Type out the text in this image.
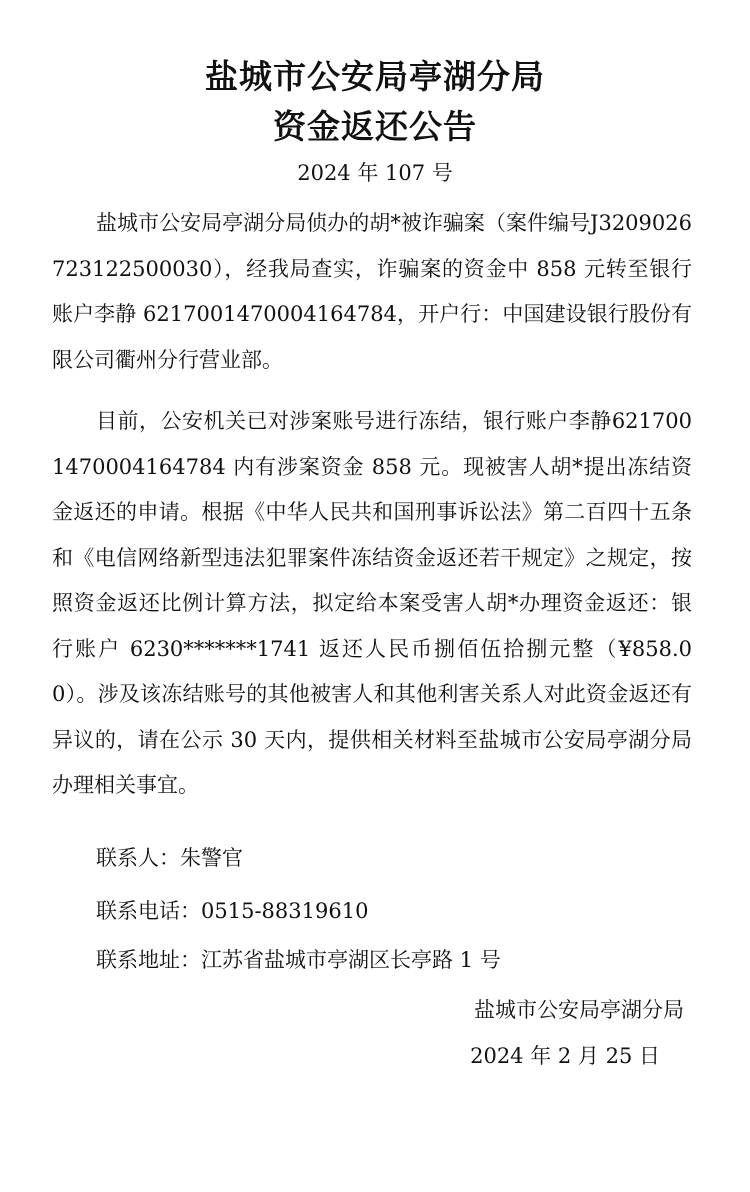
盐城市公安局亭湖分局
资金返还公告
2024 年 107 号

盐城市公安局亭湖分局侦办的胡*被诈骗案（案件编号J320902672312250003​0），经我局查实，诈骗案的资金中 858 元转至银行账户李静 6217001470004164784，开户行：中国建设银行股份有限公司衢州分行营业部。

目前，公安机关已对涉案账号进行冻结，银行账户李静6217001470004164784 内有涉案资金 858 元。现被害人胡*提出冻结资金返还的申请。根据《中华人民共和国刑事诉讼法》第二百四十五条和《电信网络新型违法犯罪案件冻结资金返还若干规定》之规定，按照资金返还比例计算方法，拟定给本案受害人胡*办理资金返还：银行账户 6230*******1741 返还人民币捌佰伍拾捌元整（¥858.00）。涉及该冻结账号的其他被害人和其他利害关系人对此资金返还有异议的，请在公示 30 天内，提供相关材料至盐城市公安局亭湖分局办理相关事宜。

联系人：朱警官
联系电话：0515-88319610
联系地址：江苏省盐城市亭湖区长亭路 1 号
盐城市公安局亭湖分局
2024 年 2 月 25 日
